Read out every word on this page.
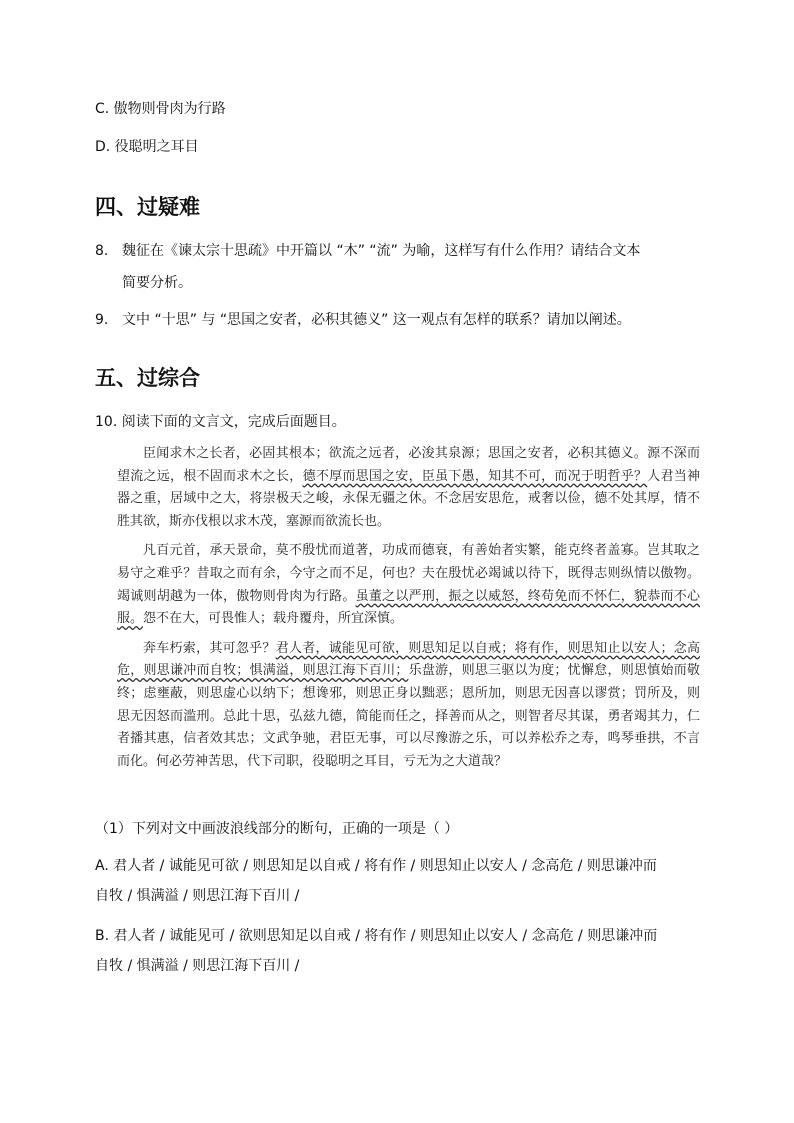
C. 傲物则骨肉为行路
D. 役聪明之耳目
四、过疑难
8. 魏征在《谏太宗十思疏》中开篇以 “木” “流” 为喻，这样写有什么作用？请结合文本
简要分析。
9. 文中 “十思” 与 “思国之安者，必积其德义” 这一观点有怎样的联系？请加以阐述。
五、过综合
10. 阅读下面的文言文，完成后面题目。

臣闻求木之长者，必固其根本；欲流之远者，必浚其泉源；思国之安者，必积其德义。源不深而望流之远，根不固而求木之长，德不厚而思国之安，臣虽下愚，知其不可，而况于明哲乎？人君当神器之重，居域中之大，将崇极天之峻，永保无疆之休。不念居安思危，戒奢以俭，德不处其厚，情不胜其欲，斯亦伐根以求木茂，塞源而欲流长也。

凡百元首，承天景命，莫不殷忧而道著，功成而德衰，有善始者实繁，能克终者盖寡。岂其取之易守之难乎？昔取之而有余，今守之而不足，何也？夫在殷忧必竭诚以待下，既得志则纵情以傲物。竭诚则胡越为一体，傲物则骨肉为行路。虽董之以严刑，振之以威怒，终苟免而不怀仁，貌恭而不心服。怨不在大，可畏惟人；载舟覆舟，所宜深慎。

奔车朽索，其可忽乎？君人者，诚能见可欲，则思知足以自戒；将有作，则思知止以安人；念高危，则思谦冲而自牧；惧满溢，则思江海下百川；乐盘游，则思三驱以为度；忧懈怠，则思慎始而敬终；虑壅蔽，则思虚心以纳下；想谗邪，则思正身以黜恶；恩所加，则思无因喜以谬赏；罚所及，则思无因怒而滥刑。总此十思，弘兹九德，简能而任之，择善而从之，则智者尽其谋，勇者竭其力，仁者播其惠，信者效其忠；文武争驰，君臣无事，可以尽豫游之乐，可以养松乔之寿，鸣琴垂拱，不言而化。何必劳神苦思，代下司职，役聪明之耳目，亏无为之大道哉？

（1）下列对文中画波浪线部分的断句，正确的一项是（ ）
A. 君人者 / 诚能见可欲 / 则思知足以自戒 / 将有作 / 则思知止以安人 / 念高危 / 则思谦冲而
自牧 / 惧满溢 / 则思江海下百川 /
B. 君人者 / 诚能见可 / 欲则思知足以自戒 / 将有作 / 则思知止以安人 / 念高危 / 则思谦冲而
自牧 / 惧满溢 / 则思江海下百川 /
